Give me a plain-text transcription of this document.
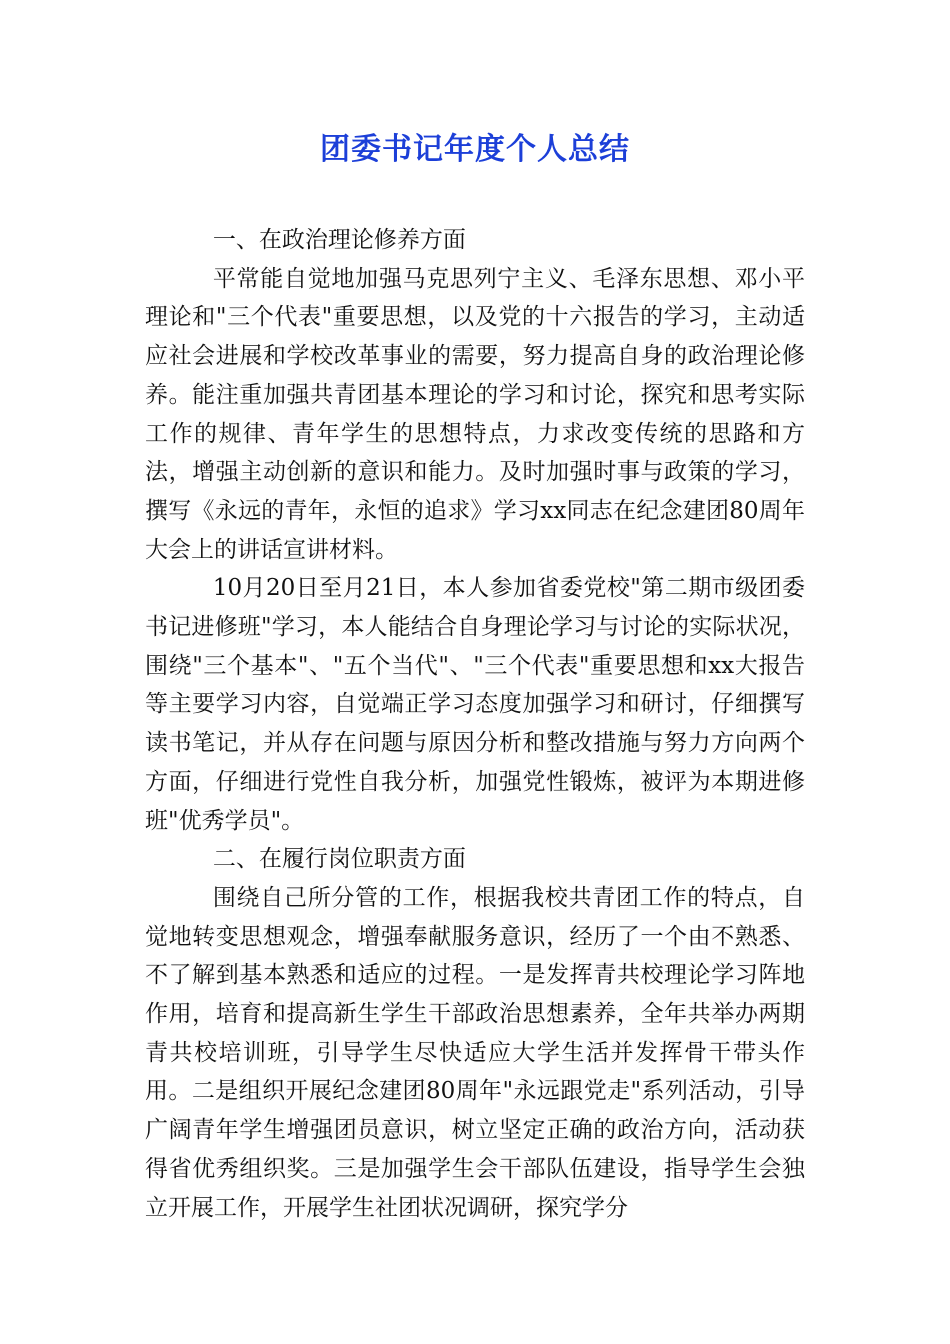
团委书记年度个人总结

一、在政治理论修养方面

平常能自觉地加强马克思列宁主义、毛泽东思想、邓小平理论和"三个代表"重要思想，以及党的十六报告的学习，主动适应社会进展和学校改革事业的需要，努力提高自身的政治理论修养。能注重加强共青团基本理论的学习和讨论，探究和思考实际工作的规律、青年学生的思想特点，力求改变传统的思路和方法，增强主动创新的意识和能力。及时加强时事与政策的学习，撰写《永远的青年，永恒的追求》学习xx同志在纪念建团80周年大会上的讲话宣讲材料。

10月20日至月21日，本人参加省委党校"第二期市级团委书记进修班"学习，本人能结合自身理论学习与讨论的实际状况，围绕"三个基本"、"五个当代"、"三个代表"重要思想和xx大报告等主要学习内容，自觉端正学习态度加强学习和研讨，仔细撰写读书笔记，并从存在问题与原因分析和整改措施与努力方向两个方面，仔细进行党性自我分析，加强党性锻炼，被评为本期进修班"优秀学员"。

二、在履行岗位职责方面

围绕自己所分管的工作，根据我校共青团工作的特点，自觉地转变思想观念，增强奉献服务意识，经历了一个由不熟悉、不了解到基本熟悉和适应的过程。一是发挥青共校理论学习阵地作用，培育和提高新生学生干部政治思想素养，全年共举办两期青共校培训班，引导学生尽快适应大学生活并发挥骨干带头作用。二是组织开展纪念建团80周年"永远跟党走"系列活动，引导广阔青年学生增强团员意识，树立坚定正确的政治方向，活动获得省优秀组织奖。三是加强学生会干部队伍建设，指导学生会独立开展工作，开展学生社团状况调研，探究学分
